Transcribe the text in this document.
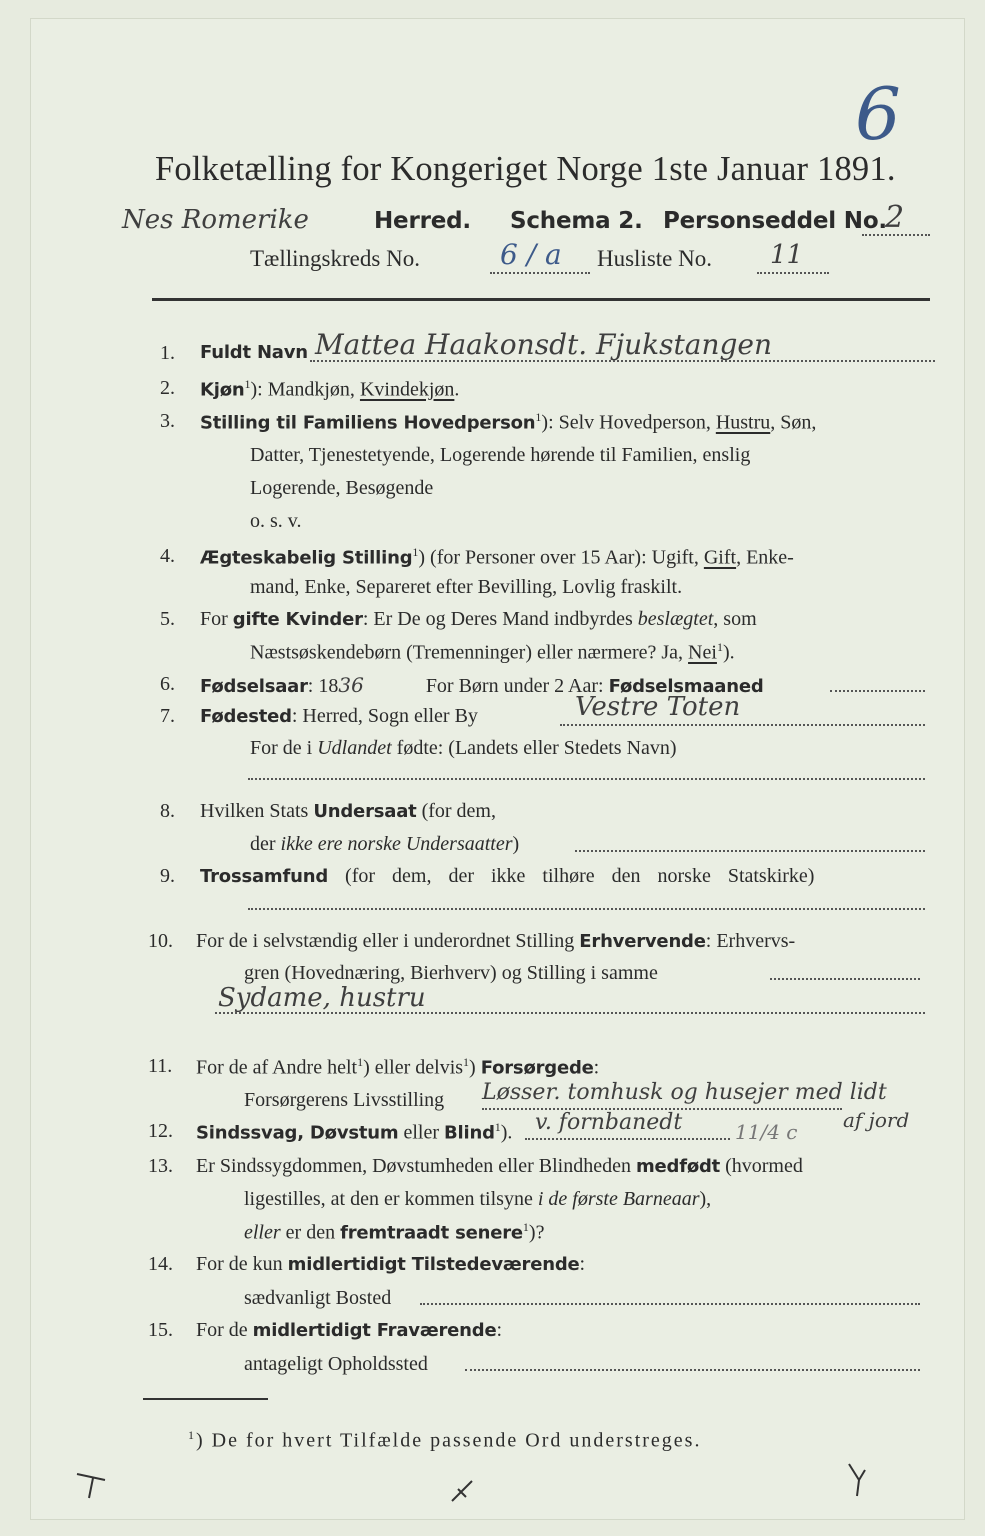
6
Folketælling for Kongeriget Norge 1ste Januar 1891.
Nes Romerike	Herred. Schema 2. Personseddel No.
2
Tællingskreds No.	6 / a Husliste No. 11
1. Fuldt Navn Mattea Haakonsdt. Fjukstangen
2. Kjøn$^1$): Mandkjøn, Kvindekjøn.
3. Stilling til Familiens Hovedperson$^1$): Selv Hovedperson, Hustru, Søn,
Datter, Tjenestetyende, Logerende hørende til Familien, enslig
Logerende, Besøgende
o. s. v.
4. Ægteskabelig Stilling$^1$) (for Personer over 15 Aar): Ugift, Gift, Enke-
mand, Enke, Separeret efter Bevilling, Lovlig fraskilt.
5. For gifte Kvinder: Er De og Deres Mand indbyrdes beslægtet, som
Næstsøskendebørn (Tremenninger) eller nærmere? Ja, Nei$^1$).
6. Fødselsaar: 1836	For Børn under 2 Aar: Fødselsmaaned
7. Fødested: Herred, Sogn eller By	Vestre Toten
For de i Udlandet fødte: (Landets eller Stedets Navn)
8. Hvilken Stats Undersaat (for dem,
der ikke ere norske Undersaatter)
9. Trossamfund (for dem, der ikke tilhøre den norske Statskirke)
10. For de i selvstændig eller i underordnet Stilling Erhvervende: Erhvervs-
gren (Hovednæring, Bierhverv) og Stilling i samme
Sydame, hustru
11. For de af Andre helt$^1$) eller delvis$^1$) Forsørgede:
Forsørgerens Livsstilling Løsser. tomhusk og husejer med lidt
af jord
12. Sindssvag, Døvstum eller Blind$^1$). v. fornbanedt	11/4 c
13. Er Sindssygdommen, Døvstumheden eller Blindheden medfødt (hvormed
ligestilles, at den er kommen tilsyne i de første Barneaar),
eller er den fremtraadt senere$^1$)?
14. For de kun midlertidigt Tilstedeværende:
sædvanligt Bosted
15. For de midlertidigt Fraværende:
antageligt Opholdssted
$^1$) De for hvert Tilfælde passende Ord understreges.
